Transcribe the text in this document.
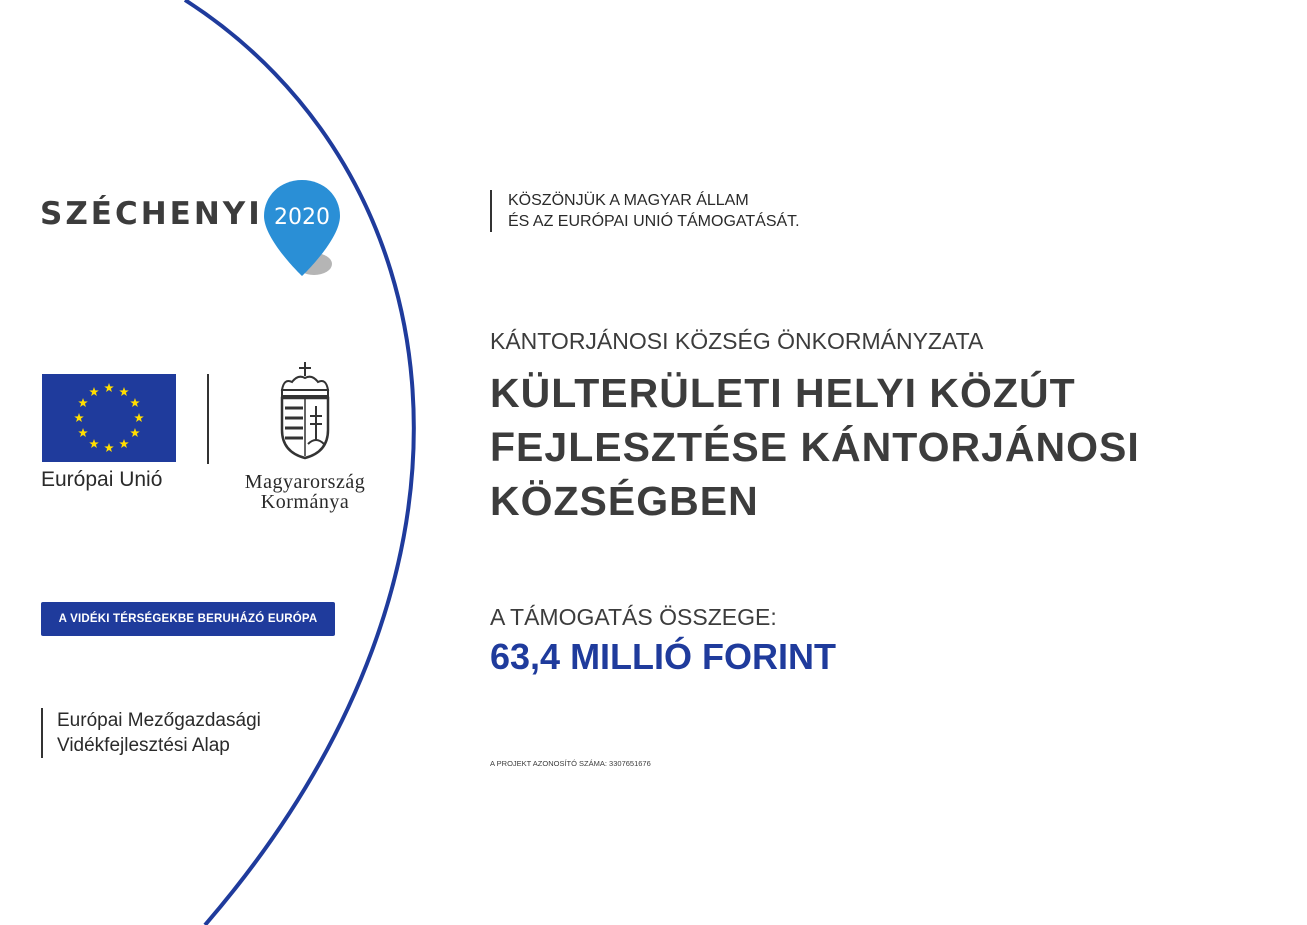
SZÉCHENYI 2020
Európai Unió	Magyarország
Kormánya
A VIDÉKI TÉRSÉGEKBE BERUHÁZÓ EURÓPA
Európai Mezőgazdasági
Vidékfejlesztési Alap
KÖSZÖNJÜK A MAGYAR ÁLLAM
ÉS AZ EURÓPAI UNIÓ TÁMOGATÁSÁT.
KÁNTORJÁNOSI KÖZSÉG ÖNKORMÁNYZATA
KÜLTERÜLETI HELYI KÖZÚT
FEJLESZTÉSE KÁNTORJÁNOSI
KÖZSÉGBEN
A TÁMOGATÁS ÖSSZEGE:
63,4 MILLIÓ FORINT
A PROJEKT AZONOSÍTÓ SZÁMA: 3307651676
